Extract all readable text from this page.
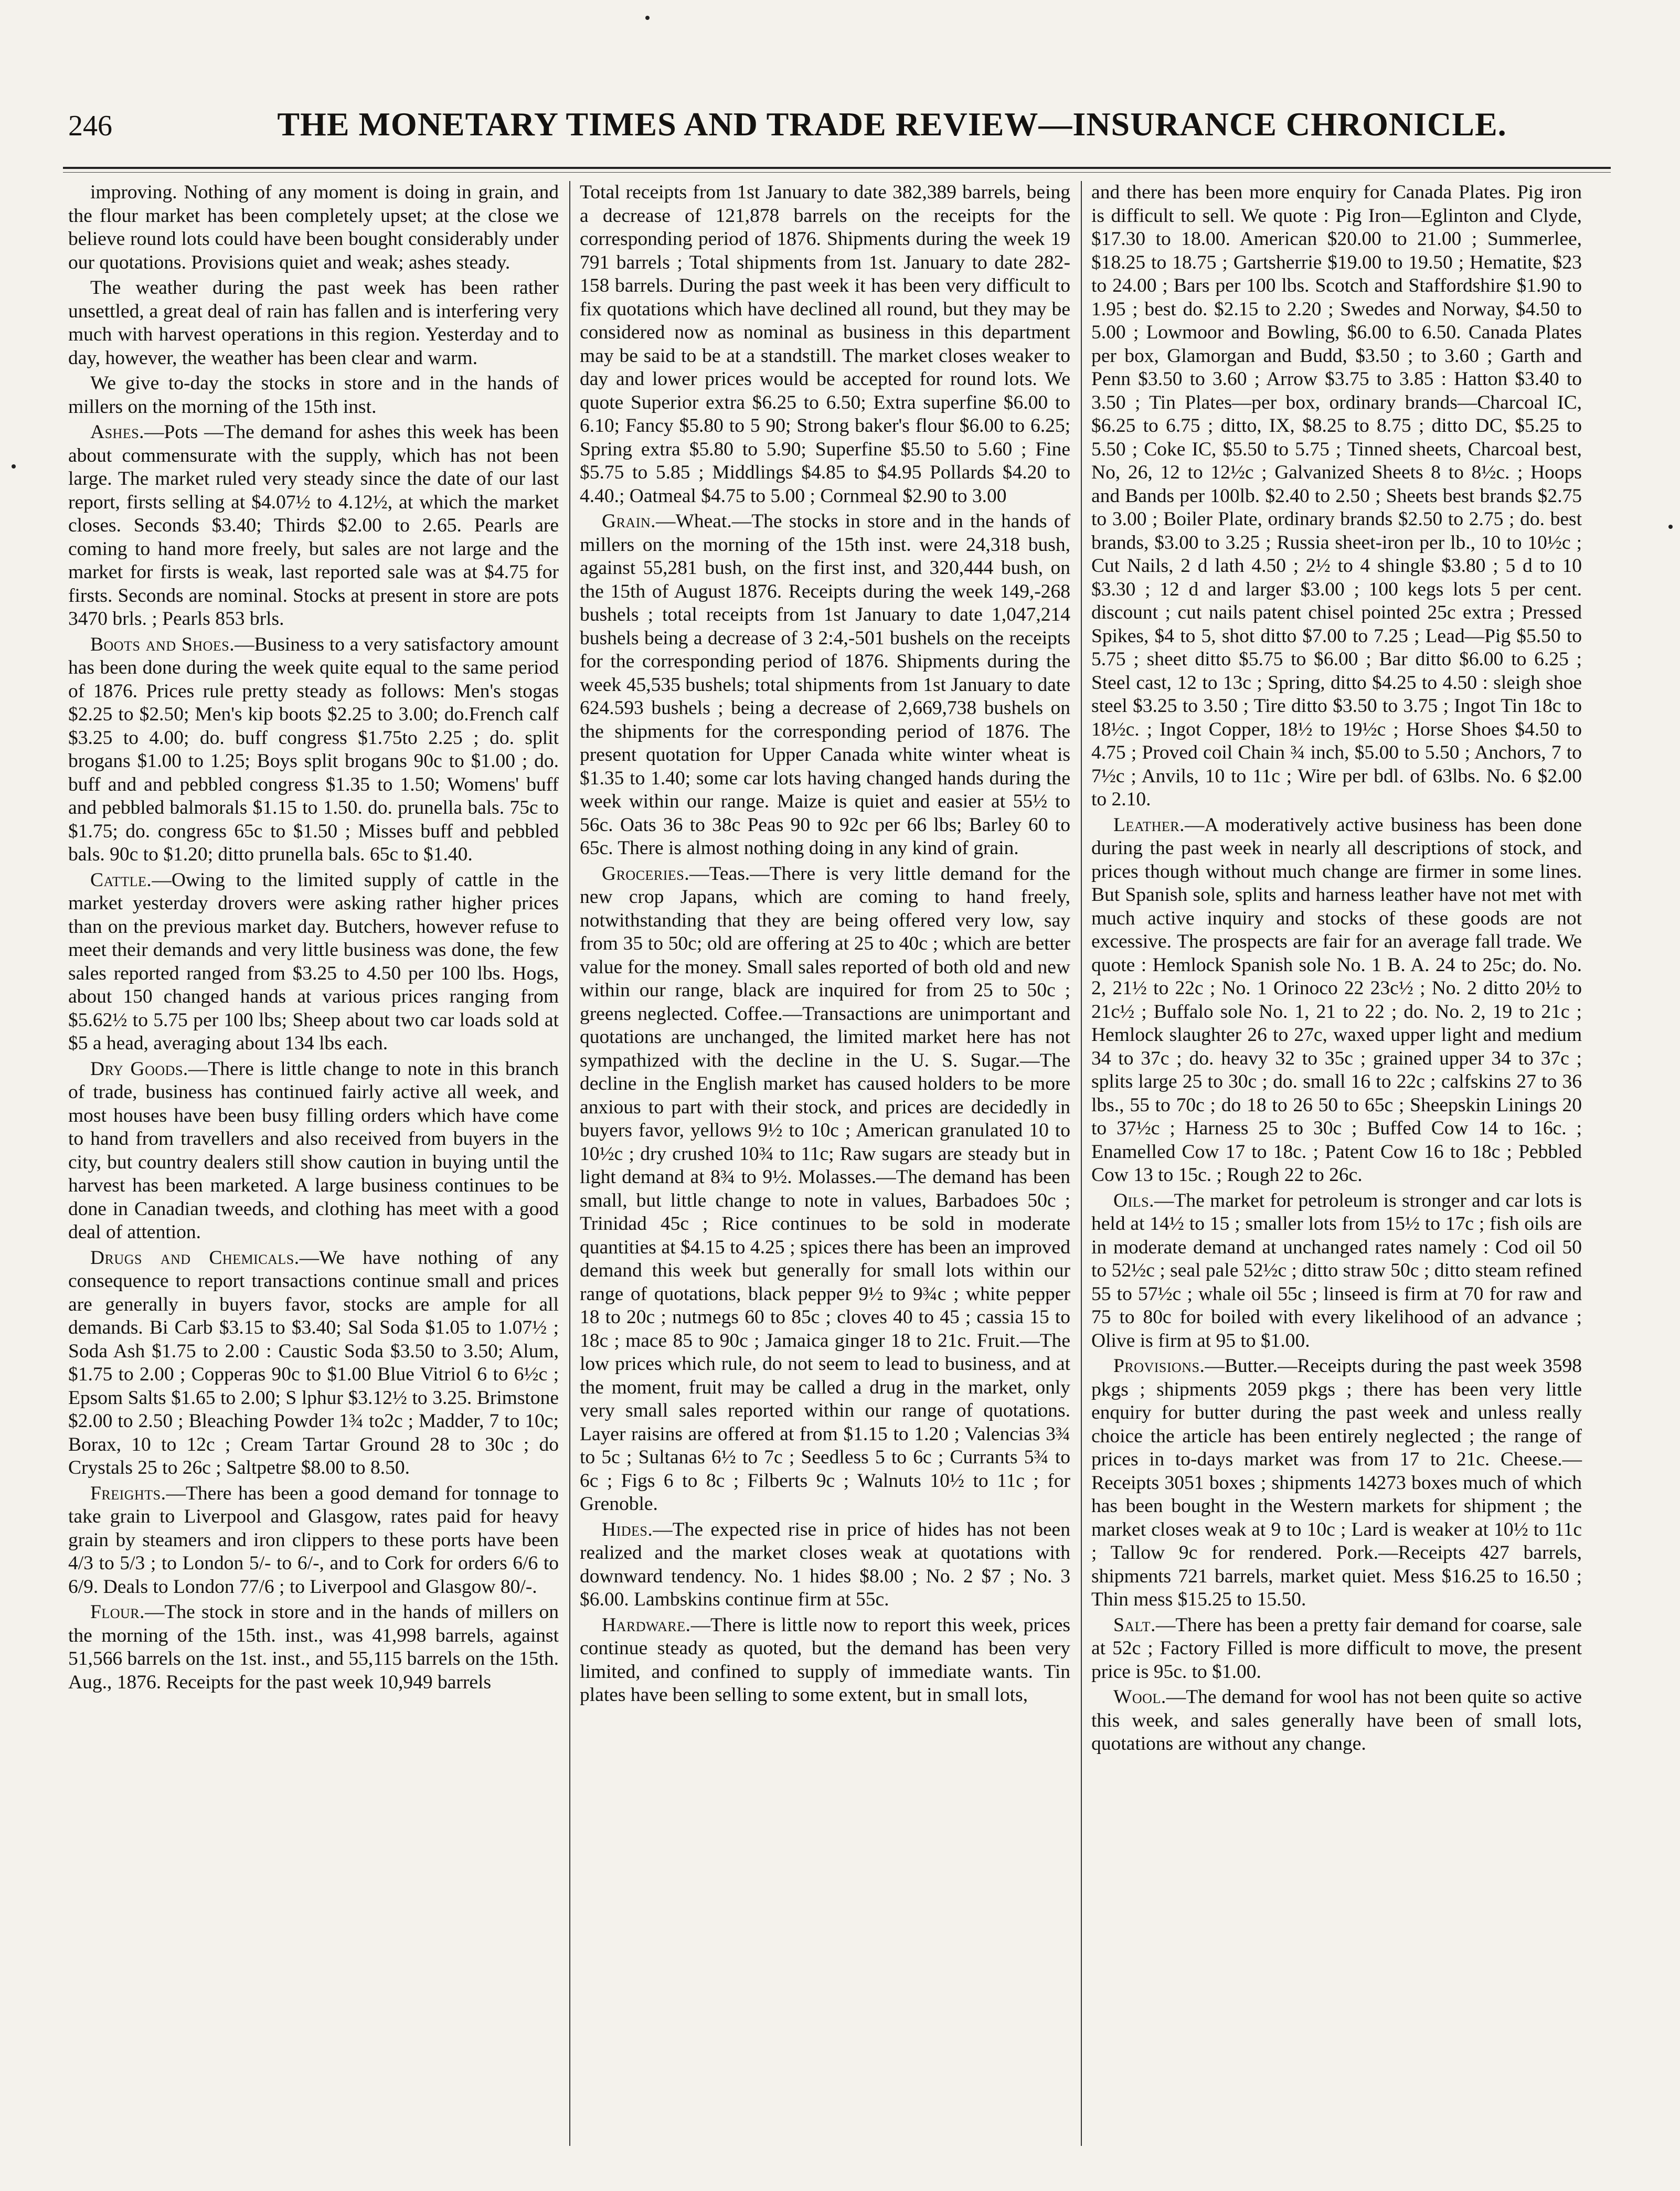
246	THE MONETARY TIMES AND TRADE REVIEW—INSURANCE CHRONICLE.

improving. Nothing of any moment is doing in grain, and the flour market has been completely upset; at the close we believe round lots could have been bought considerably under our quotations. Provisions quiet and weak; ashes steady.

The weather during the past week has been rather unsettled, a great deal of rain has fallen and is interfering very much with harvest operations in this region. Yesterday and to day, however, the weather has been clear and warm.

We give to-day the stocks in store and in the hands of millers on the morning of the 15th inst.

Ashes.—Pots —The demand for ashes this week has been about commensurate with the supply, which has not been large. The market ruled very steady since the date of our last report, firsts selling at $4.07½ to 4.12½, at which the market closes. Seconds $3.40; Thirds $2.00 to 2.65. Pearls are coming to hand more freely, but sales are not large and the market for firsts is weak, last reported sale was at $4.75 for firsts. Seconds are nominal. Stocks at present in store are pots 3470 brls. ; Pearls 853 brls.

Boots and Shoes.—Business to a very satisfactory amount has been done during the week quite equal to the same period of 1876. Prices rule pretty steady as follows: Men's stogas $2.25 to $2.50; Men's kip boots $2.25 to 3.00; do.French calf $3.25 to 4.00; do. buff congress $1.75to 2.25 ; do. split brogans $1.00 to 1.25; Boys split brogans 90c to $1.00 ; do. buff and and pebbled congress $1.35 to 1.50; Womens' buff and pebbled balmorals $1.15 to 1.50. do. prunella bals. 75c to $1.75; do. congress 65c to $1.50 ; Misses buff and pebbled bals. 90c to $1.20; ditto prunella bals. 65c to $1.40.

Cattle.—Owing to the limited supply of cattle in the market yesterday drovers were asking rather higher prices than on the previous market day. Butchers, however refuse to meet their demands and very little business was done, the few sales reported ranged from $3.25 to 4.50 per 100 lbs. Hogs, about 150 changed hands at various prices ranging from $5.62½ to 5.75 per 100 lbs; Sheep about two car loads sold at $5 a head, averaging about 134 lbs each.

Dry Goods.—There is little change to note in this branch of trade, business has continued fairly active all week, and most houses have been busy filling orders which have come to hand from travellers and also received from buyers in the city, but country dealers still show caution in buying until the harvest has been marketed. A large business continues to be done in Canadian tweeds, and clothing has meet with a good deal of attention.

Drugs and Chemicals.—We have nothing of any consequence to report transactions continue small and prices are generally in buyers favor, stocks are ample for all demands. Bi Carb $3.15 to $3.40; Sal Soda $1.05 to 1.07½ ; Soda Ash $1.75 to 2.00 : Caustic Soda $3.50 to 3.50; Alum, $1.75 to 2.00 ; Copperas 90c to $1.00 Blue Vitriol 6 to 6½c ; Epsom Salts $1.65 to 2.00; S lphur $3.12½ to 3.25. Brimstone $2.00 to 2.50 ; Bleaching Powder 1¾ to2c ; Madder, 7 to 10c; Borax, 10 to 12c ; Cream Tartar Ground 28 to 30c ; do Crystals 25 to 26c ; Saltpetre $8.00 to 8.50.

Freights.—There has been a good demand for tonnage to take grain to Liverpool and Glasgow, rates paid for heavy grain by steamers and iron clippers to these ports have been 4/3 to 5/3 ; to London 5/- to 6/-, and to Cork for orders 6/6 to 6/9. Deals to London 77/6 ; to Liverpool and Glasgow 80/-.

Flour.—The stock in store and in the hands of millers on the morning of the 15th. inst., was 41,998 barrels, against 51,566 barrels on the 1st. inst., and 55,115 barrels on the 15th. Aug., 1876. Receipts for the past week 10,949 barrels

Total receipts from 1st January to date 382,389 barrels, being a decrease of 121,878 barrels on the receipts for the corresponding period of 1876. Shipments during the week 19 791 barrels ; Total shipments from 1st. January to date 282-158 barrels. During the past week it has been very difficult to fix quotations which have declined all round, but they may be considered now as nominal as business in this department may be said to be at a standstill. The market closes weaker to day and lower prices would be accepted for round lots. We quote Superior extra $6.25 to 6.50; Extra superfine $6.00 to 6.10; Fancy $5.80 to 5 90; Strong baker's flour $6.00 to 6.25; Spring extra $5.80 to 5.90; Superfine $5.50 to 5.60 ; Fine $5.75 to 5.85 ; Middlings $4.85 to $4.95 Pollards $4.20 to 4.40.; Oatmeal $4.75 to 5.00 ; Cornmeal $2.90 to 3.00

Grain.—Wheat.—The stocks in store and in the hands of millers on the morning of the 15th inst. were 24,318 bush, against 55,281 bush, on the first inst, and 320,444 bush, on the 15th of August 1876. Receipts during the week 149,-268 bushels ; total receipts from 1st January to date 1,047,214 bushels being a decrease of 3 2:4,-501 bushels on the receipts for the corresponding period of 1876. Shipments during the week 45,535 bushels; total shipments from 1st January to date 624.593 bushels ; being a decrease of 2,669,738 bushels on the shipments for the corresponding period of 1876. The present quotation for Upper Canada white winter wheat is $1.35 to 1.40; some car lots having changed hands during the week within our range. Maize is quiet and easier at 55½ to 56c. Oats 36 to 38c Peas 90 to 92c per 66 lbs; Barley 60 to 65c. There is almost nothing doing in any kind of grain.

Groceries.—Teas.—There is very little demand for the new crop Japans, which are coming to hand freely, notwithstanding that they are being offered very low, say from 35 to 50c; old are offering at 25 to 40c ; which are better value for the money. Small sales reported of both old and new within our range, black are inquired for from 25 to 50c ; greens neglected. Coffee.—Transactions are unimportant and quotations are unchanged, the limited market here has not sympathized with the decline in the U. S. Sugar.—The decline in the English market has caused holders to be more anxious to part with their stock, and prices are decidedly in buyers favor, yellows 9½ to 10c ; American granulated 10 to 10½c ; dry crushed 10¾ to 11c; Raw sugars are steady but in light demand at 8¾ to 9½. Molasses.—The demand has been small, but little change to note in values, Barbadoes 50c ; Trinidad 45c ; Rice continues to be sold in moderate quantities at $4.15 to 4.25 ; spices there has been an improved demand this week but generally for small lots within our range of quotations, black pepper 9½ to 9¾c ; white pepper 18 to 20c ; nutmegs 60 to 85c ; cloves 40 to 45 ; cassia 15 to 18c ; mace 85 to 90c ; Jamaica ginger 18 to 21c. Fruit.—The low prices which rule, do not seem to lead to business, and at the moment, fruit may be called a drug in the market, only very small sales reported within our range of quotations. Layer raisins are offered at from $1.15 to 1.20 ; Valencias 3¾ to 5c ; Sultanas 6½ to 7c ; Seedless 5 to 6c ; Currants 5¾ to 6c ; Figs 6 to 8c ; Filberts 9c ; Walnuts 10½ to 11c ; for Grenoble.

Hides.—The expected rise in price of hides has not been realized and the market closes weak at quotations with downward tendency. No. 1 hides $8.00 ; No. 2 $7 ; No. 3 $6.00. Lambskins continue firm at 55c.

Hardware.—There is little now to report this week, prices continue steady as quoted, but the demand has been very limited, and confined to supply of immediate wants. Tin plates have been selling to some extent, but in small lots,

and there has been more enquiry for Canada Plates. Pig iron is difficult to sell. We quote : Pig Iron—Eglinton and Clyde, $17.30 to 18.00. American $20.00 to 21.00 ; Summerlee, $18.25 to 18.75 ; Gartsherrie $19.00 to 19.50 ; Hematite, $23 to 24.00 ; Bars per 100 lbs. Scotch and Staffordshire $1.90 to 1.95 ; best do. $2.15 to 2.20 ; Swedes and Norway, $4.50 to 5.00 ; Lowmoor and Bowling, $6.00 to 6.50. Canada Plates per box, Glamorgan and Budd, $3.50 ; to 3.60 ; Garth and Penn $3.50 to 3.60 ; Arrow $3.75 to 3.85 : Hatton $3.40 to 3.50 ; Tin Plates—per box, ordinary brands—Charcoal IC, $6.25 to 6.75 ; ditto, IX, $8.25 to 8.75 ; ditto DC, $5.25 to 5.50 ; Coke IC, $5.50 to 5.75 ; Tinned sheets, Charcoal best, No, 26, 12 to 12½c ; Galvanized Sheets 8 to 8½c. ; Hoops and Bands per 100lb. $2.40 to 2.50 ; Sheets best brands $2.75 to 3.00 ; Boiler Plate, ordinary brands $2.50 to 2.75 ; do. best brands, $3.00 to 3.25 ; Russia sheet-iron per lb., 10 to 10½c ; Cut Nails, 2 d lath 4.50 ; 2½ to 4 shingle $3.80 ; 5 d to 10 $3.30 ; 12 d and larger $3.00 ; 100 kegs lots 5 per cent. discount ; cut nails patent chisel pointed 25c extra ; Pressed Spikes, $4 to 5, shot ditto $7.00 to 7.25 ; Lead—Pig $5.50 to 5.75 ; sheet ditto $5.75 to $6.00 ; Bar ditto $6.00 to 6.25 ; Steel cast, 12 to 13c ; Spring, ditto $4.25 to 4.50 : sleigh shoe steel $3.25 to 3.50 ; Tire ditto $3.50 to 3.75 ; Ingot Tin 18c to 18½c. ; Ingot Copper, 18½ to 19½c ; Horse Shoes $4.50 to 4.75 ; Proved coil Chain ¾ inch, $5.00 to 5.50 ; Anchors, 7 to 7½c ; Anvils, 10 to 11c ; Wire per bdl. of 63lbs. No. 6 $2.00 to 2.10.

Leather.—A moderatively active business has been done during the past week in nearly all descriptions of stock, and prices though without much change are firmer in some lines. But Spanish sole, splits and harness leather have not met with much active inquiry and stocks of these goods are not excessive. The prospects are fair for an average fall trade. We quote : Hemlock Spanish sole No. 1 B. A. 24 to 25c; do. No. 2, 21½ to 22c ; No. 1 Orinoco 22 23c½ ; No. 2 ditto 20½ to 21c½ ; Buffalo sole No. 1, 21 to 22 ; do. No. 2, 19 to 21c ; Hemlock slaughter 26 to 27c, waxed upper light and medium 34 to 37c ; do. heavy 32 to 35c ; grained upper 34 to 37c ; splits large 25 to 30c ; do. small 16 to 22c ; calfskins 27 to 36 lbs., 55 to 70c ; do 18 to 26 50 to 65c ; Sheepskin Linings 20 to 37½c ; Harness 25 to 30c ; Buffed Cow 14 to 16c. ; Enamelled Cow 17 to 18c. ; Patent Cow 16 to 18c ; Pebbled Cow 13 to 15c. ; Rough 22 to 26c.

Oils.—The market for petroleum is stronger and car lots is held at 14½ to 15 ; smaller lots from 15½ to 17c ; fish oils are in moderate demand at unchanged rates namely : Cod oil 50 to 52½c ; seal pale 52½c ; ditto straw 50c ; ditto steam refined 55 to 57½c ; whale oil 55c ; linseed is firm at 70 for raw and 75 to 80c for boiled with every likelihood of an advance ; Olive is firm at 95 to $1.00.

Provisions.—Butter.—Receipts during the past week 3598 pkgs ; shipments 2059 pkgs ; there has been very little enquiry for butter during the past week and unless really choice the article has been entirely neglected ; the range of prices in to-days market was from 17 to 21c. Cheese.—Receipts 3051 boxes ; shipments 14273 boxes much of which has been bought in the Western markets for shipment ; the market closes weak at 9 to 10c ; Lard is weaker at 10½ to 11c ; Tallow 9c for rendered. Pork.—Receipts 427 barrels, shipments 721 barrels, market quiet. Mess $16.25 to 16.50 ; Thin mess $15.25 to 15.50.

Salt.—There has been a pretty fair demand for coarse, sale at 52c ; Factory Filled is more difficult to move, the present price is 95c. to $1.00.

Wool.—The demand for wool has not been quite so active this week, and sales generally have been of small lots, quotations are without any change.
